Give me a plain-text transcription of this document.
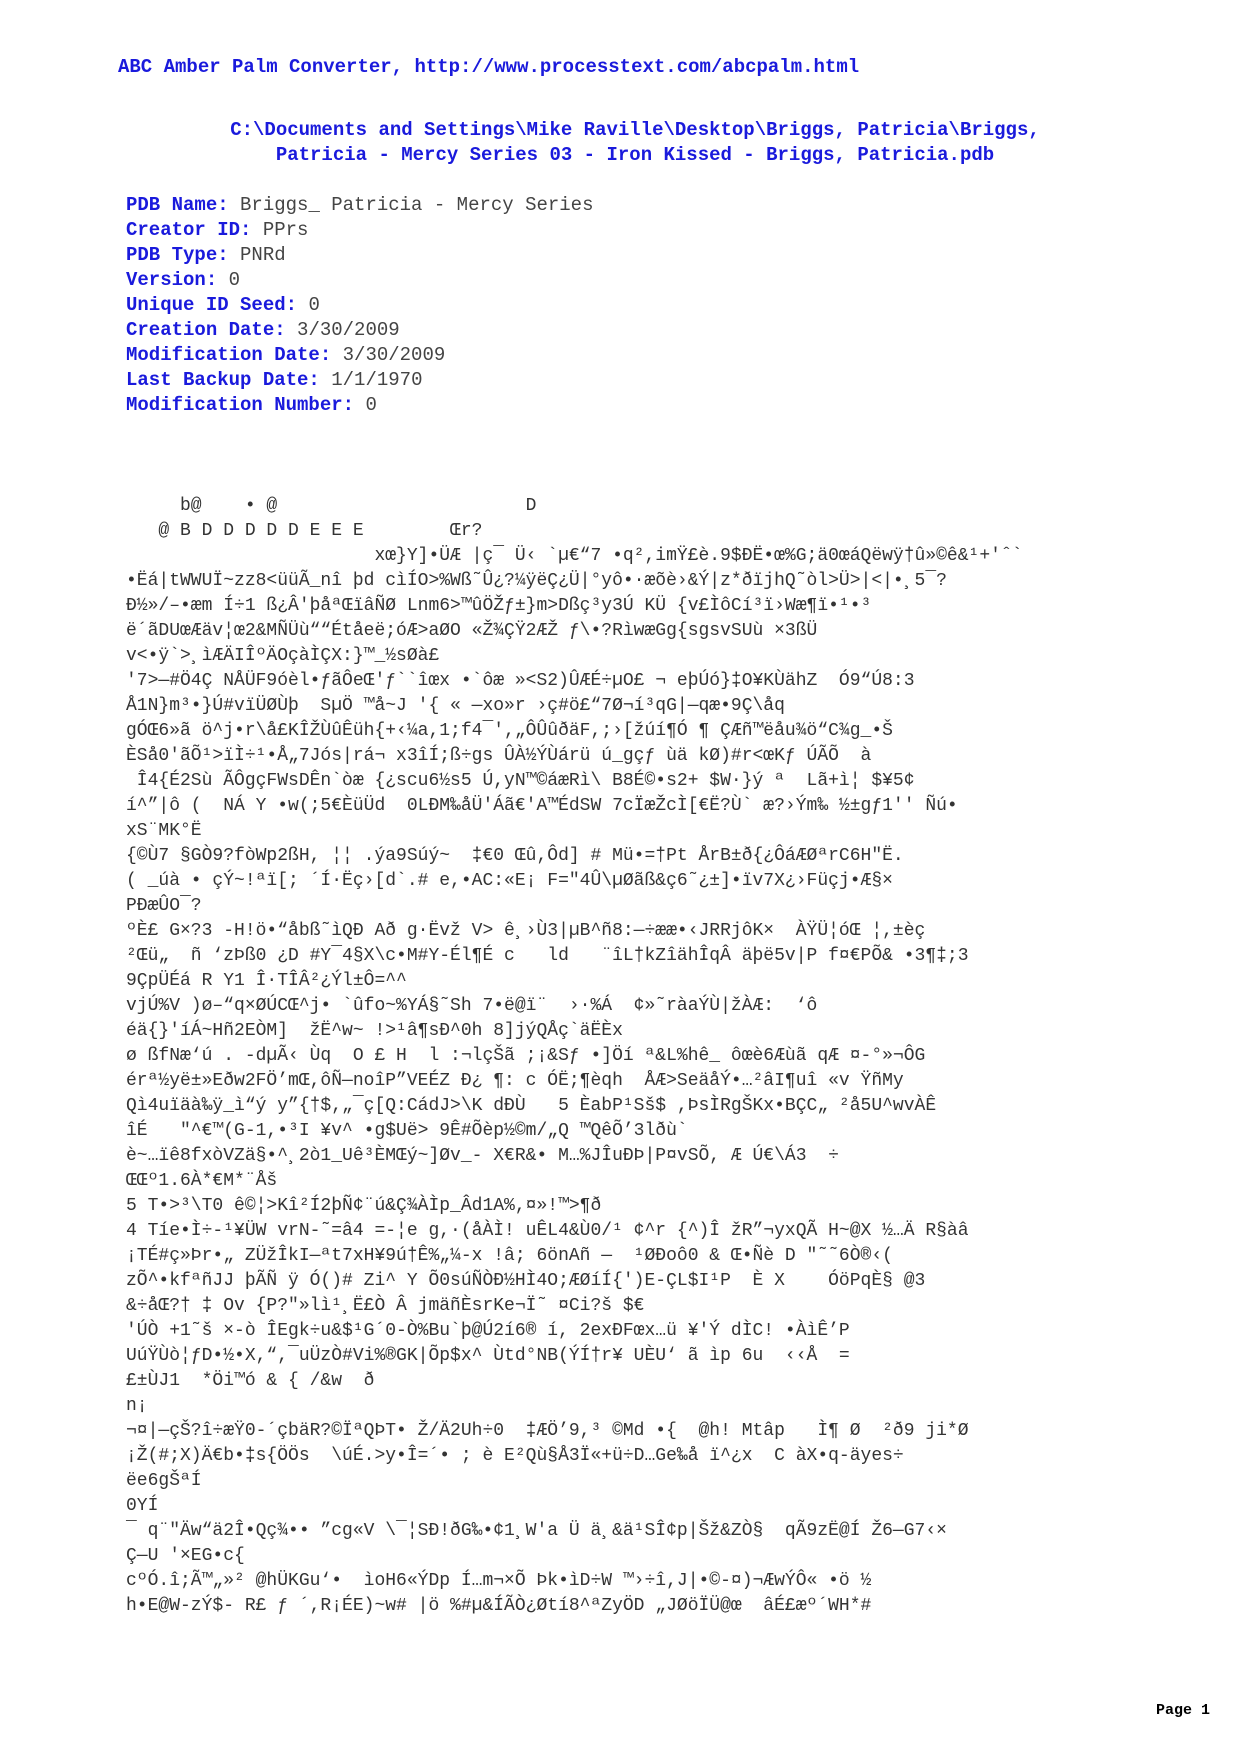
ABC Amber Palm Converter, http://www.processtext.com/abcpalm.html
C:\Documents and Settings\Mike Raville\Desktop\Briggs, Patricia\Briggs,
Patricia - Mercy Series 03 - Iron Kissed - Briggs, Patricia.pdb
PDB Name: Briggs_ Patricia - Mercy Series
Creator ID: PPrs
PDB Type: PNRd
Version: 0
Unique ID Seed: 0
Creation Date: 3/30/2009
Modification Date: 3/30/2009
Last Backup Date: 1/1/1970
Modification Number: 0
b@    • @                       D
@ B D D D D D E E E        Œr?
xœ}Y]•ÜÆ |ç¯ Ü‹ `µ€“7 •q²,imŸ£è.9$ÐË•œ%G;ä0œáQëwÿ†û»©ê&¹+'ˆ`
•Ëá|tWWUÏ~zz8<üüÃ_nî þd cìÍO>%Wß˜Û¿?¼ÿëÇ¿Ü|°yô•·æõè›&Ý|z*ðïjhQ˜òl>Ü>|<|•¸5¯?
Ð½»/–•æm Í÷1 ß¿Â'þåªŒïâÑØ Lnm6>™ûÖŽƒ±}m>Dßç³y3Ú KÜ {v£ÌôCí³ï›Wæ¶ï•¹•³
ë´ãDUœÆäv¦œ2&MÑÜù““Étåeë;óÆ>aØO «Ž¾ÇŸ2ÆŽ ƒ\•?RìwæGg{sgsvSUù ×3ßÜ
v<•ÿ`>¸ìÆÄIÎºÄOçàÌÇX:}™_½sØà£
'7>—#Ö4Ç NÅÜF9óèl•ƒãÔeŒ'ƒ``îœx •`ôæ »<S2)ÛÆÉ÷µO£ ¬ eþÚó}‡O¥KÙähZ  Ó9“Ú8:3
Å1N}m³•}Ú#vïÜØÙþ  SµÖ ™å~J '{ « —xo»r ›ç#ö£“7Ø¬í³qG|—qæ•9Ç\åq
gÓŒ6»ã ö^j•r\å£KÎŽÙûÊüh{+‹¼a,1;f4¯',„ÔÛûðäF,;›[žúí¶Ó ¶ ÇÆñ™ëåu¾ö“C¾g_•Š
ÈSå0'ãÕ¹>ïÌ÷¹•Å„7Jós|rá¬ x3îÍ;ß÷gs ÛÀ½ÝÙárü ú_gçƒ ùä kØ)#r<œKƒ ÚÃÕ  à
Î4{É2Sù ÃÔgçFWsDÊn`òæ {¿scu6½s5 Ú,yN™©áæRì\ B8É©•s2+ $W·}ý ª  Lã+ì¦ $¥5¢
í^”|ô (  NÁ Y •w(;5€ÈüÜd  0LÐM‰åÜ'Áã€'A™ÉdSW 7cÏæŽcÌ[€Ë?Ù` æ?›Ým‰ ½±gƒ1'' Ñú•
xS¨MK°Ë
{©Ù7 §GÒ9?fòWp2ßH, ¦¦ .ýa9Súý~  ‡€0 Œû,Ôd] # Mü•=†Pt ÅrB±ð{¿ÔáÆØªrC6H"Ë.
( _úà • çÝ~!ªï[; ´Í·Ëç›[d`.# e,•AC:«E¡ F="4Û\µØãß&ç6˜¿±]•ïv7X¿›Füçj•Æ§×
PÐæÛO¯?
ºÈ£ G×?3 -H!ö•“åbß˜ìQÐ Að g·Ëvž V> ê¸›Ù3|µB^ñ8:—÷ææ•‹JRRjôK×  ÀŸÜ¦óŒ ¦,±èç
²Œü„  ñ ‘zÞß0 ¿D #Y¯4§X\c•M#Y-Él¶É c   ld   ¨îL†kZîähÎqÂ äþë5v|P f¤€PÕ& •3¶‡;3
9ÇpÜÉá R Y1 Î·TÎÂ²¿Ýl±Ô=^^
vjÚ%V )ø–“q×ØÚCŒ^j• `ûfo~%YÁ§˜Sh 7•ë@ï¨  ›·%Á  ¢»˜ràaÝÙ|žÀÆ:  ‘ô
éä{}'íÁ~Hñ2EÒM]  žË^w~ !>¹â¶sÐ^0h 8]jýQÅç`äËÈx
ø ßfNæ‘ú . -dµÃ‹ Ùq  O £ H  l :¬lçŠã ;¡&Sƒ •]Öí ª&L%hê_ ôœè6Æùã qÆ ¤-°»¬ÔG
érª½yë±»Eðw2FÖ’mŒ,ôÑ—noîP”VEÉZ Ð¿ ¶: c ÓË;¶èqh  ÅÆ>SeäåÝ•…²âI¶uî «v ŸñMy
Qì4uïäà‰ÿ_ì“ý y”{†$,„¯ç[Q:CádJ>\K dÐÙ   5 ÈabP¹Sš$ ,ÞsÌRgŠKx•BÇC„ ²å5U^wvÀÊ
îÉ   "^€™(G-1,•³I ¥v^ •g$Uë> 9Ê#Õèp½©m/„Q ™QêÕ’3lðù`
è~…ïê8fxòVZä§•^¸2ò1_Uê³ÈMŒý~]Øv_- X€R&• M…%JÎuÐÞ|P¤vSÕ, Æ Ú€\Á3  ÷
ŒŒº1.6À*€M*¨Åš
5 T•>³\T0 ê©¦>Kî²Í2þÑ¢¨ú&Ç¾ÀÌp_Âd1A%,¤»!™>¶ð
4 Tíe•Ì÷-¹¥ÜW vrN-˜=â4 =-¦e g,·(åÀÌ! uÊL4&Ù0/¹ ¢^r {^)Î žR”¬yxQÃ H~@X ½…Ä R§àâ
¡TÉ#ç»Þr•„ ZÜžÎkI—ªt7xH¥9ú†Ê%„¼-x !â; 6önAñ —  ¹ØÐoô0 & Œ•Ñè D "˜˜6Ò®‹(
zÕ^•kfªñJJ þÃÑ ÿ Ó()# Zi^ Y Õ0súÑÒÐ½HÌ4O;ÆØíÍ{')E-ÇL$I¹P  È X    ÓöPqÈ§ @3
&÷åŒ?† ‡ Ov {P?"»lì¹¸Ë£Ò Â jmäñÈsrKe¬Ï˜ ¤Ci?š $€
'ÚÒ +1˜š ×-ò ÎEgk÷u&$¹G´0-Ò%Bu`þ@Ú2í6® í, 2exÐFœx…ü ¥'Ý dÌC! •ÀìÊ’P
UúŸÙò¦ƒD•½•X,“,¯uÜzÒ#Vi%®GK|Õp$x^ Ùtd°NB(ÝÍ†r¥ UÈU‘ ã ìp 6u  ‹‹Å  =
£±ÙJ1  *Öi™ó & { /&w  ð
n¡
¬¤|—çŠ?î÷æŸ0-´çbäR?©ÏªQÞT• Ž/Ä2Uh÷0  ‡ÆÖ’9,³ ©Md •{  @h! Mtâp   Ì¶ Ø  ²ð9 ji*Ø
¡Ž(#;X)Ä€b•‡s{ÖÖs  \úÉ.>y•Î=´• ; è E²Qù§Å3Ï«+ü÷D…Ge‰å ï^¿x  C àX•q-äyes÷
ëe6gŠªÍ
0YÍ
¯ q¨"Äw“ä2Î•Qç¾•• ”cg«V \¯¦SÐ!ðG‰•¢1¸W'a Ü ä¸&ä¹SÎ¢p|Šž&ZÒ§  qÃ9zË@Í Ž6—G7‹×
Ç—U '×EG•c{
cºÓ.î;Ã™„»² @hÜKGu‘•  ìoH6«ÝDp Í…m¬×Õ Þk•ìD÷W ™›÷î,J|•©-¤)¬ÆwÝÔ« •ö ½
h•E@W-zÝ$- R£ ƒ ´,R¡ÉE)~w# |ö %#µ&ÍÃÒ¿Øtí8^ªZyÖD „JØöÏÜ@œ  âÉ£æº´WH*#
Page 1
